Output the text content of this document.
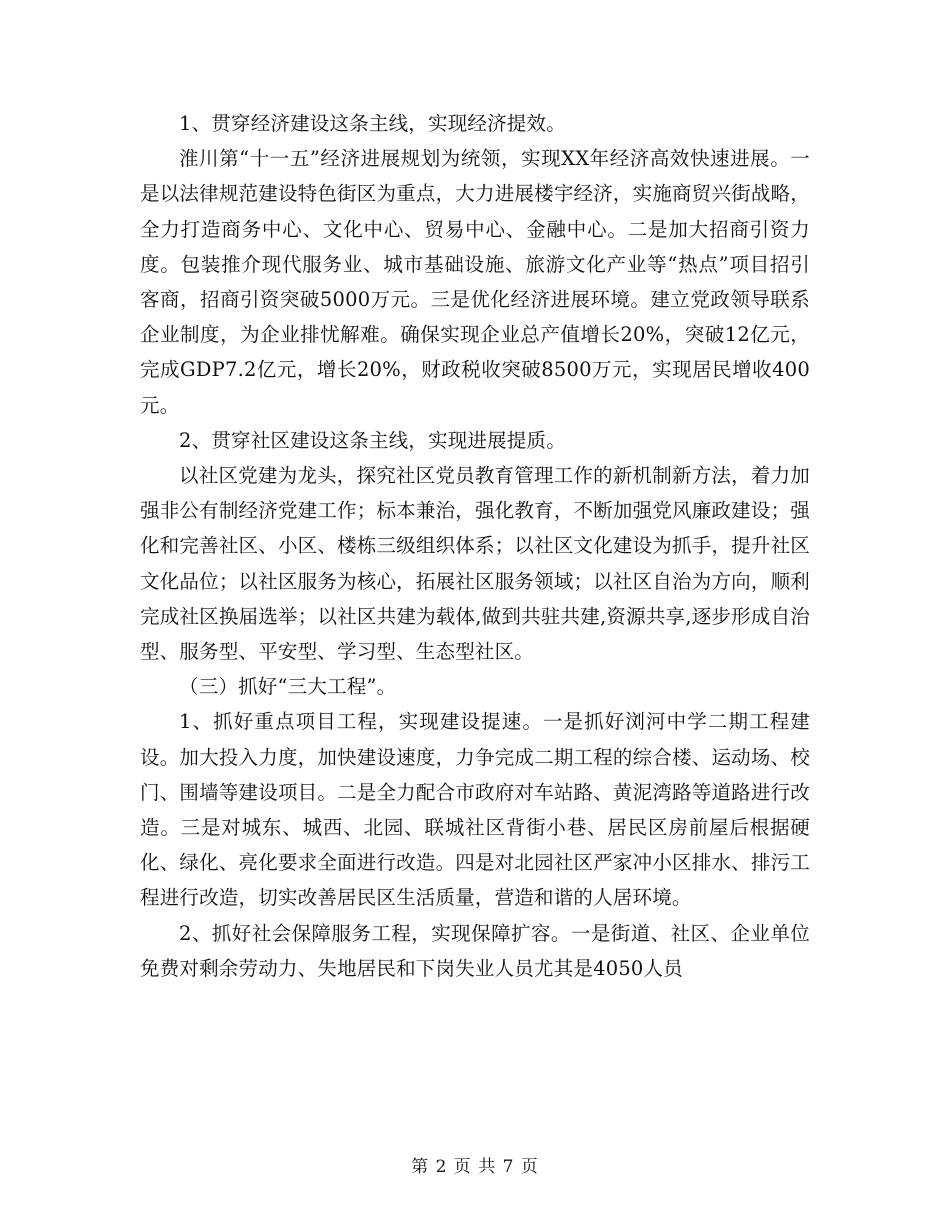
1、贯穿经济建设这条主线，实现经济提效。

淮川第“十一五”经济进展规划为统领，实现XX年经济高效快速进展。一是以法律规范建设特色街区为重点，大力进展楼宇经济，实施商贸兴街战略，全力打造商务中心、文化中心、贸易中心、金融中心。二是加大招商引资力度。包装推介现代服务业、城市基础设施、旅游文化产业等“热点”项目招引客商，招商引资突破5000万元。三是优化经济进展环境。建立党政领导联系企业制度，为企业排忧解难。确保实现企业总产值增长20%，突破12亿元，完成GDP7.2亿元，增长20%，财政税收突破8500万元，实现居民增收400元。

2、贯穿社区建设这条主线，实现进展提质。

以社区党建为龙头，探究社区党员教育管理工作的新机制新方法，着力加强非公有制经济党建工作；标本兼治，强化教育，不断加强党风廉政建设；强化和完善社区、小区、楼栋三级组织体系；以社区文化建设为抓手，提升社区文化品位；以社区服务为核心，拓展社区服务领域；以社区自治为方向，顺利完成社区换届选举；以社区共建为载体,做到共驻共建,资源共享,逐步形成自治型、服务型、平安型、学习型、生态型社区。

（三）抓好“三大工程”。

1、抓好重点项目工程，实现建设提速。一是抓好浏河中学二期工程建设。加大投入力度，加快建设速度，力争完成二期工程的综合楼、运动场、校门、围墙等建设项目。二是全力配合市政府对车站路、黄泥湾路等道路进行改造。三是对城东、城西、北园、联城社区背街小巷、居民区房前屋后根据硬化、绿化、亮化要求全面进行改造。四是对北园社区严家冲小区排水、排污工程进行改造，切实改善居民区生活质量，营造和谐的人居环境。

2、抓好社会保障服务工程，实现保障扩容。一是街道、社区、企业单位免费对剩余劳动力、失地居民和下岗失业人员尤其是4050人员

第 2 页 共 7 页
